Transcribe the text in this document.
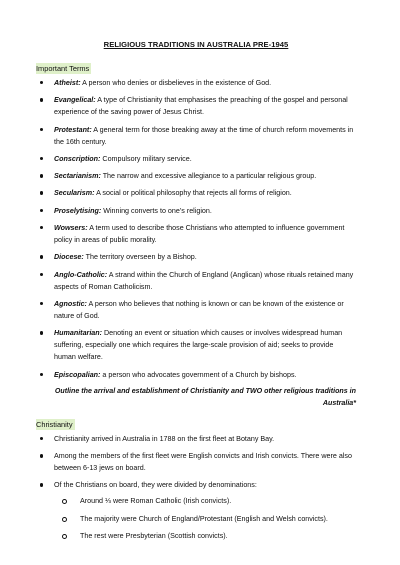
RELIGIOUS TRADITIONS IN AUSTRALIA PRE-1945
Important Terms
Atheist: A person who denies or disbelieves in the existence of God.
Evangelical: A type of Christianity that emphasises the preaching of the gospel and personal experience of the saving power of Jesus Christ.
Protestant: A general term for those breaking away at the time of church reform movements in the 16th century.
Conscription: Compulsory military service.
Sectarianism: The narrow and excessive allegiance to a particular religious group.
Secularism: A social or political philosophy that rejects all forms of religion.
Proselytising: Winning converts to one’s religion.
Wowsers: A term used to describe those Christians who attempted to influence government policy in areas of public morality.
Diocese: The territory overseen by a Bishop.
Anglo-Catholic: A strand within the Church of England (Anglican) whose rituals retained many aspects of Roman Catholicism.
Agnostic: A person who believes that nothing is known or can be known of the existence or nature of God.
Humanitarian: Denoting an event or situation which causes or involves widespread human suffering, especially one which requires the large-scale provision of aid; seeks to provide human welfare.
Episcopalian: a person who advocates government of a Church by bishops.
Outline the arrival and establishment of Christianity and TWO other religious traditions in Australia*
Christianity
Christianity arrived in Australia in 1788 on the first fleet at Botany Bay.
Among the members of the first fleet were English convicts and Irish convicts. There were also between 6-13 jews on board.
Of the Christians on board, they were divided by denominations:
Around ⅓ were Roman Catholic (Irish convicts).
The majority were Church of England/Protestant (English and Welsh convicts).
The rest were Presbyterian (Scottish convicts).
